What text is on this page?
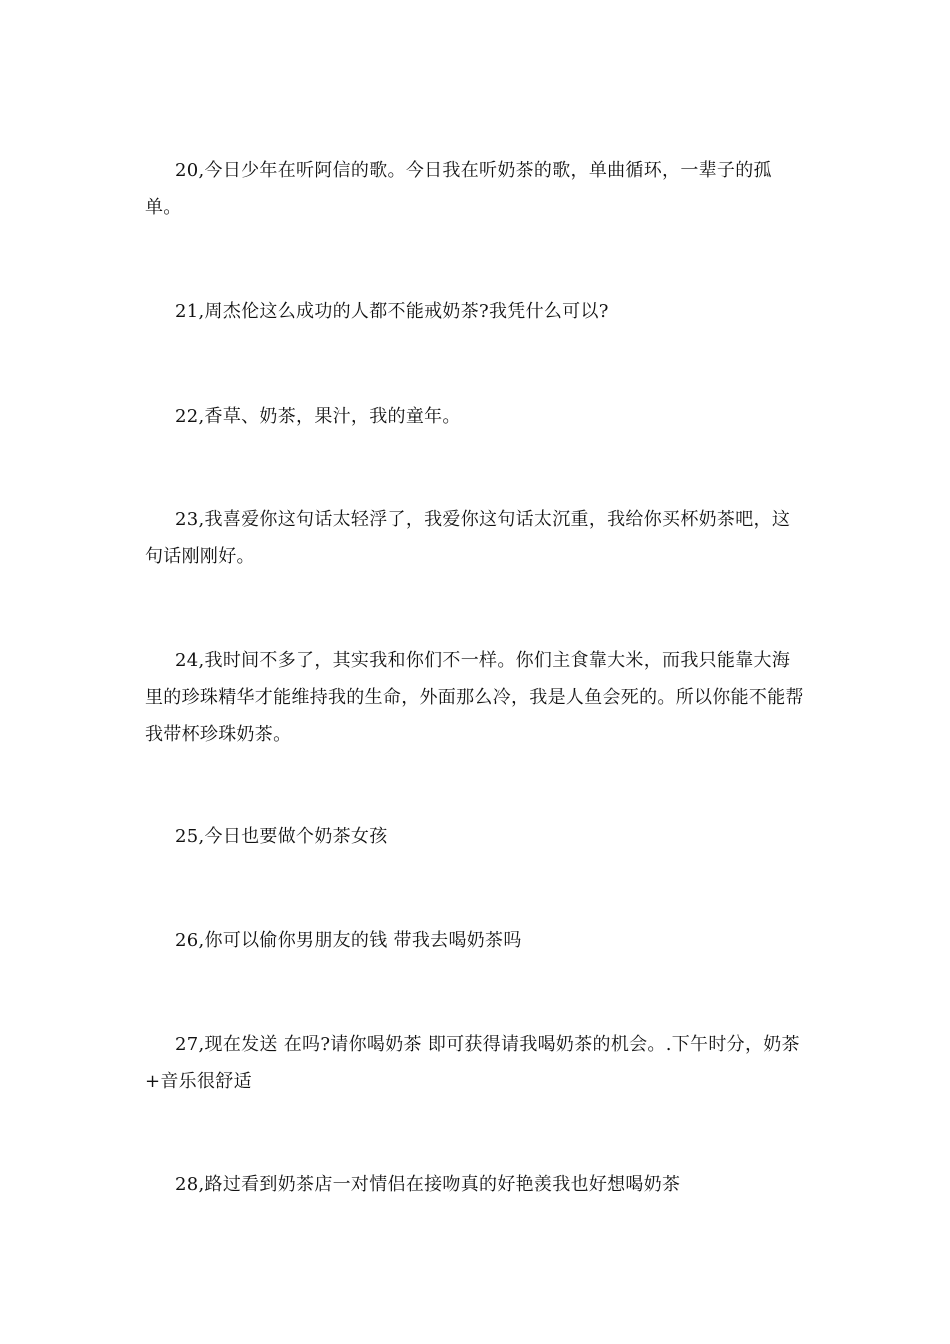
20,今日少年在听阿信的歌。今日我在听奶茶的歌，单曲循环，一辈子的孤单。

21,周杰伦这么成功的人都不能戒奶茶?我凭什么可以?

22,香草、奶茶，果汁，我的童年。

23,我喜爱你这句话太轻浮了，我爱你这句话太沉重，我给你买杯奶茶吧，这句话刚刚好。

24,我时间不多了，其实我和你们不一样。你们主食靠大米，而我只能靠大海里的珍珠精华才能维持我的生命，外面那么冷，我是人鱼会死的。所以你能不能帮我带杯珍珠奶茶。

25,今日也要做个奶茶女孩

26,你可以偷你男朋友的钱 带我去喝奶茶吗

27,现在发送 在吗?请你喝奶茶 即可获得请我喝奶茶的机会。.下午时分，奶茶+音乐很舒适

28,路过看到奶茶店一对情侣在接吻真的好艳羡我也好想喝奶茶
